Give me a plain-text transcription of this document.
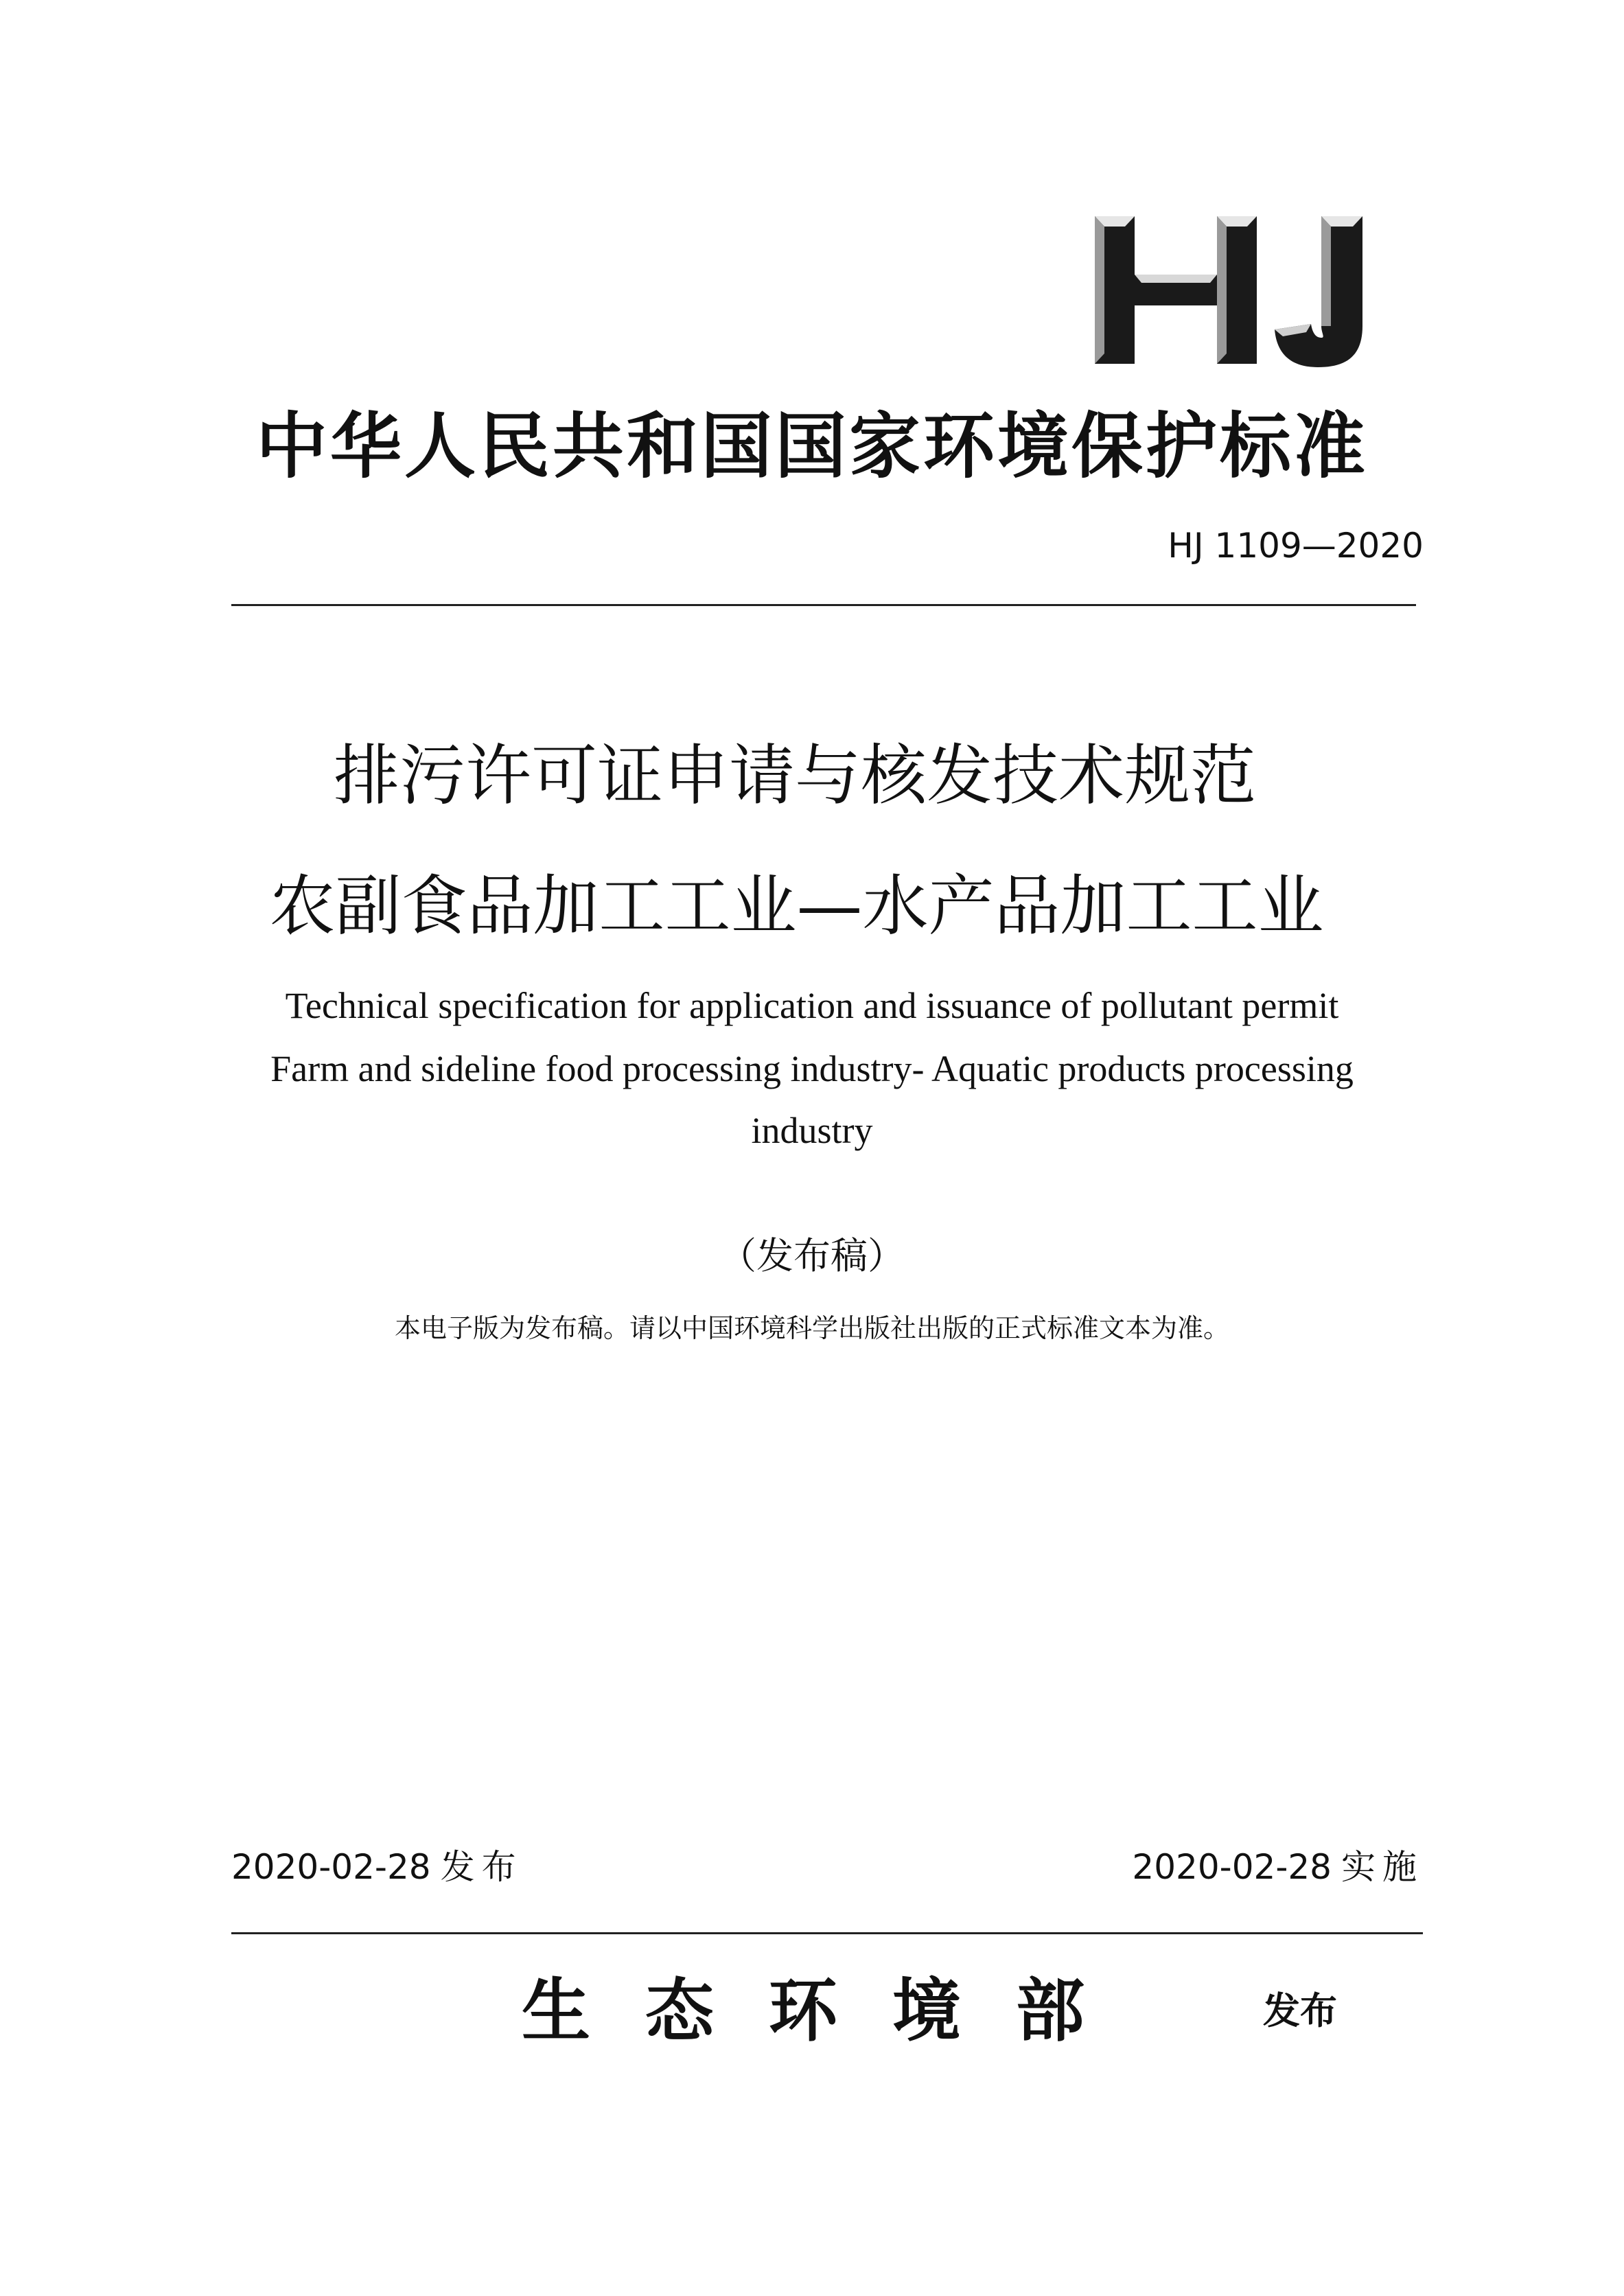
中华人民共和国国家环境保护标准
HJ 1109—2020
排污许可证申请与核发技术规范
农副食品加工工业—水产品加工工业
Technical specification for application and issuance of pollutant permit
Farm and sideline food processing industry- Aquatic products processing
industry
（发布稿）
本电子版为发布稿。请以中国环境科学出版社出版的正式标准文本为准。
2020-02-28 发布	2020-02-28 实施
生态环境部	发布
